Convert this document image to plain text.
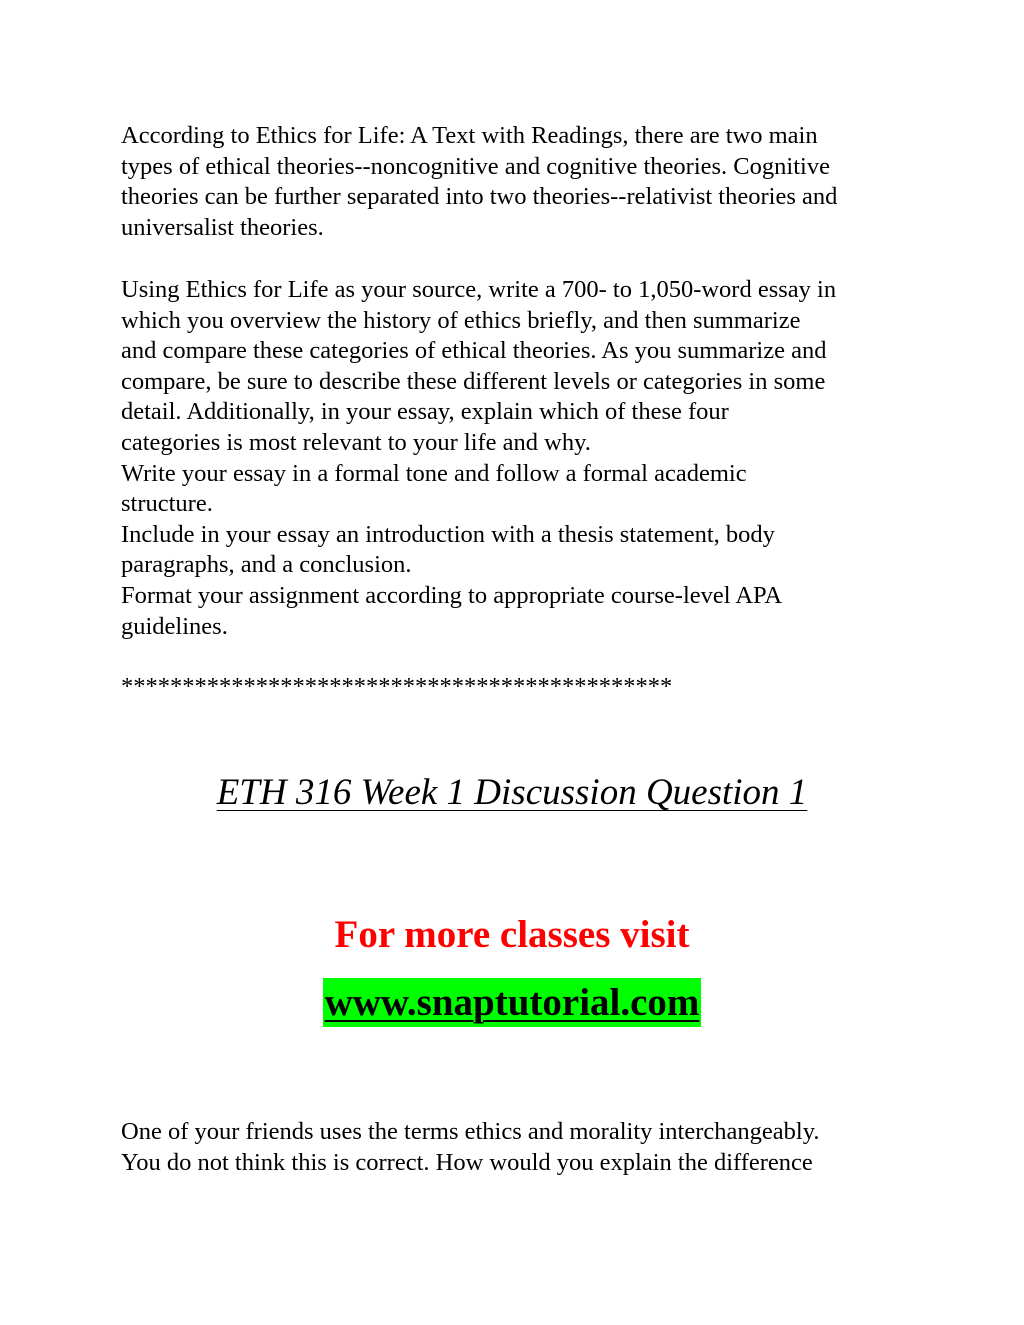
According to Ethics for Life: A Text with Readings, there are two main
types of ethical theories--noncognitive and cognitive theories. Cognitive
theories can be further separated into two theories--relativist theories and
universalist theories.
Using Ethics for Life as your source, write a 700- to 1,050-word essay in
which you overview the history of ethics briefly, and then summarize
and compare these categories of ethical theories. As you summarize and
compare, be sure to describe these different levels or categories in some
detail. Additionally, in your essay, explain which of these four
categories is most relevant to your life and why.
Write your essay in a formal tone and follow a formal academic
structure.
Include in your essay an introduction with a thesis statement, body
paragraphs, and a conclusion.
Format your assignment according to appropriate course-level APA
guidelines.
*********************************************
ETH 316 Week 1 Discussion Question 1
For more classes visit
www.snaptutorial.com
One of your friends uses the terms ethics and morality interchangeably.
You do not think this is correct. How would you explain the difference
